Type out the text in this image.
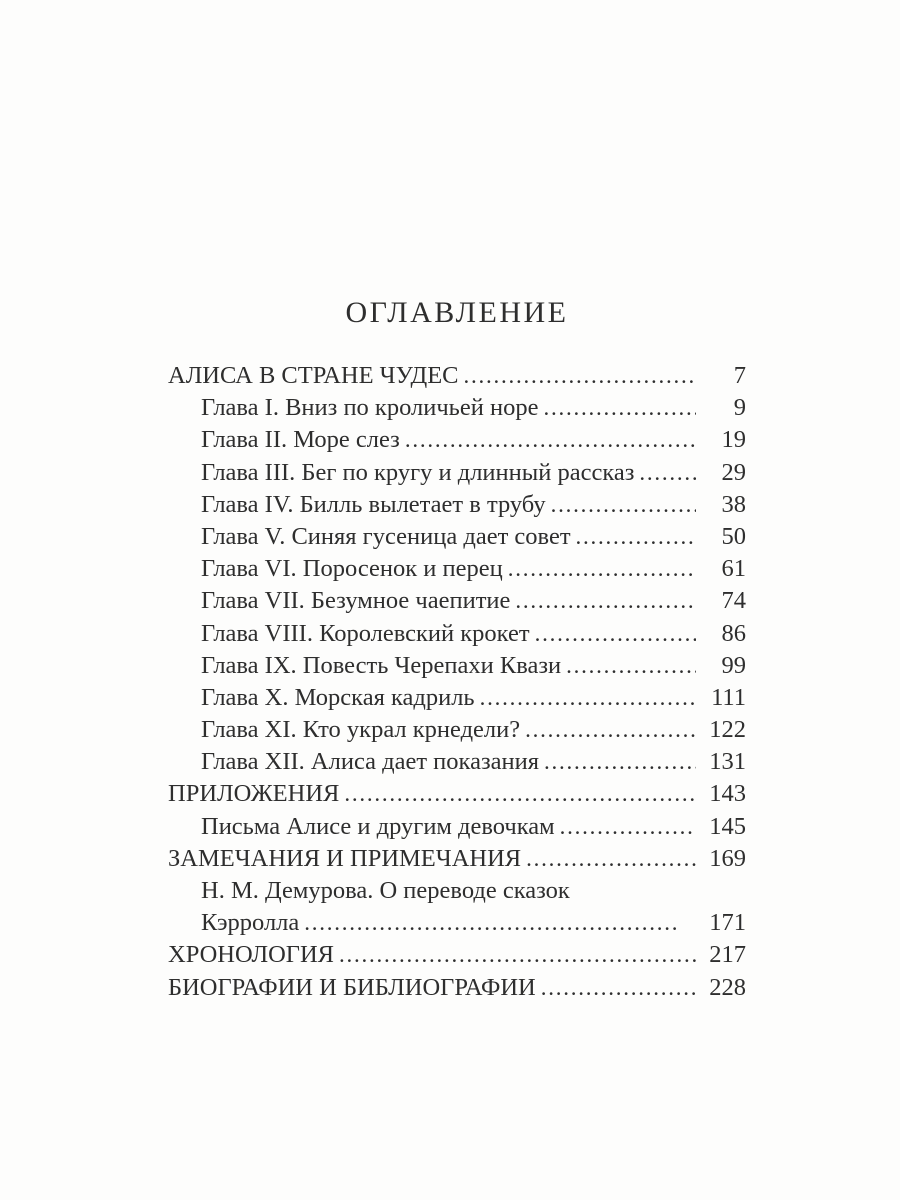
ОГЛАВЛЕНИЕ
АЛИСА В СТРАНЕ ЧУДЕС . . .	7
Глава I. Вниз по кроличьей норе . . .	9
Глава II. Море слез . . .	19
Глава III. Бег по кругу и длинный рассказ . . .	29
Глава IV. Билль вылетает в трубу . . .	38
Глава V. Синяя гусеница дает совет . . .	50
Глава VI. Поросенок и перец . . .	61
Глава VII. Безумное чаепитие . . .	74
Глава VIII. Королевский крокет . . .	86
Глава IX. Повесть Черепахи Квази . . .	99
Глава X. Морская кадриль . . .	111
Глава XI. Кто украл крнедели? . . .	122
Глава XII. Алиса дает показания . . .	131
ПРИЛОЖЕНИЯ . . .	143
Письма Алисе и другим девочкам . . .	145
ЗАМЕЧАНИЯ И ПРИМЕЧАНИЯ . . .	169
Н. М. Демурова. О переводе сказок
Кэрролла . . .	171
ХРОНОЛОГИЯ . . .	217
БИОГРАФИИ И БИБЛИОГРАФИИ . . .	228
